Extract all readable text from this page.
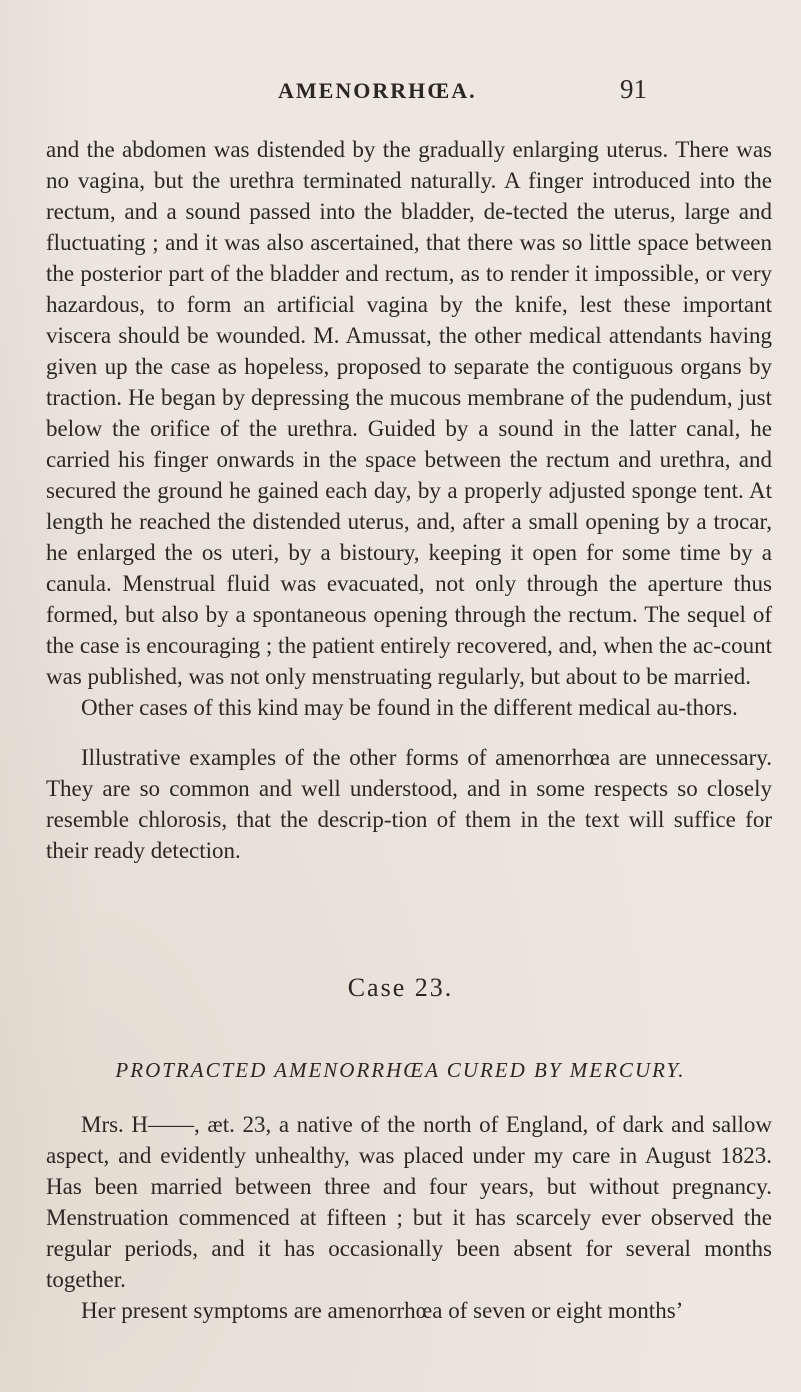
AMENORRHŒA.	91

and the abdomen was distended by the gradually enlarging uterus. There was no vagina, but the urethra terminated naturally. A finger introduced into the rectum, and a sound passed into the bladder, de-tected the uterus, large and fluctuating ; and it was also ascertained, that there was so little space between the posterior part of the bladder and rectum, as to render it impossible, or very hazardous, to form an artificial vagina by the knife, lest these important viscera should be wounded. M. Amussat, the other medical attendants having given up the case as hopeless, proposed to separate the contiguous organs by traction. He began by depressing the mucous membrane of the pudendum, just below the orifice of the urethra. Guided by a sound in the latter canal, he carried his finger onwards in the space between the rectum and urethra, and secured the ground he gained each day, by a properly adjusted sponge tent. At length he reached the distended uterus, and, after a small opening by a trocar, he enlarged the os uteri, by a bistoury, keeping it open for some time by a canula. Menstrual fluid was evacuated, not only through the aperture thus formed, but also by a spontaneous opening through the rectum. The sequel of the case is encouraging ; the patient entirely recovered, and, when the ac-count was published, was not only menstruating regularly, but about to be married.

Other cases of this kind may be found in the different medical au-thors.

Illustrative examples of the other forms of amenorrhœa are unnecessary. They are so common and well understood, and in some respects so closely resemble chlorosis, that the descrip-tion of them in the text will suffice for their ready detection.

Case 23.
PROTRACTED AMENORRHŒA CURED BY MERCURY.

Mrs. H——, æt. 23, a native of the north of England, of dark and sallow aspect, and evidently unhealthy, was placed under my care in August 1823. Has been married between three and four years, but without pregnancy. Menstruation commenced at fifteen ; but it has scarcely ever observed the regular periods, and it has occasionally been absent for several months together.

Her present symptoms are amenorrhœa of seven or eight months’
